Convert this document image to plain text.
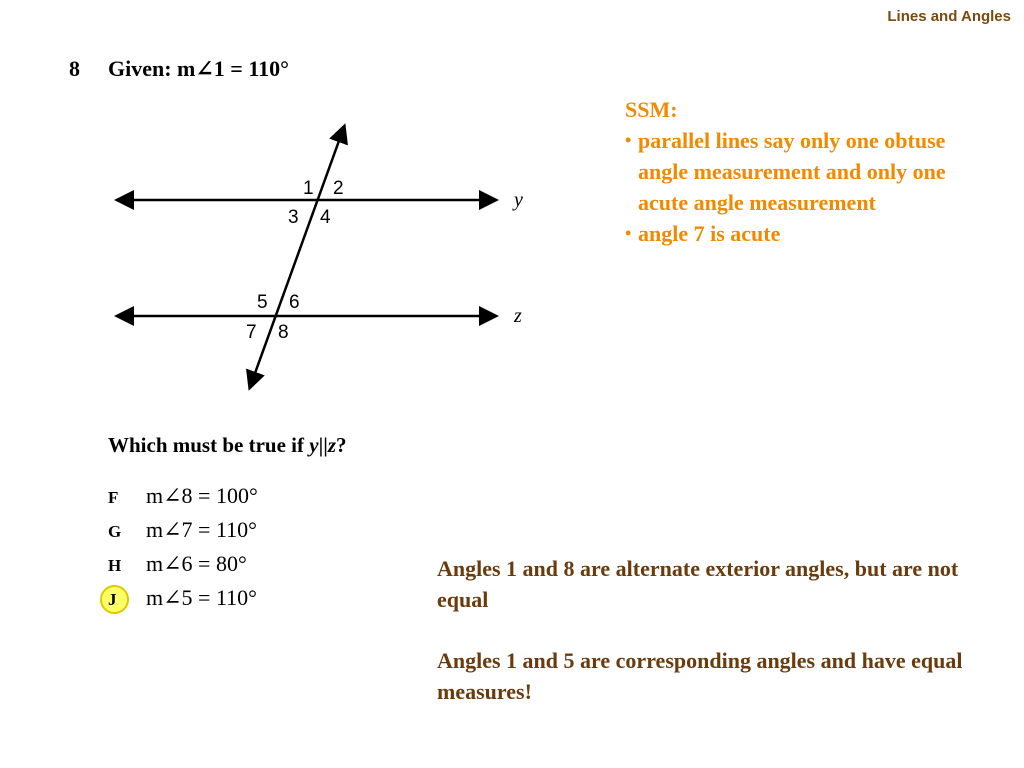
Lines and Angles
8 Given: m∠1 = 110°
1 2
3 4
5 6
7 8
y
z
SSM:
• parallel lines say only one obtuse angle measurement and only one acute angle measurement
• angle 7 is acute
Which must be true if y||z?
F m∠8 = 100°
G m∠7 = 110°
H m∠6 = 80°
J m∠5 = 110°
Angles 1 and 8 are alternate exterior angles, but are not equal
Angles 1 and 5 are corresponding angles and have equal measures!
